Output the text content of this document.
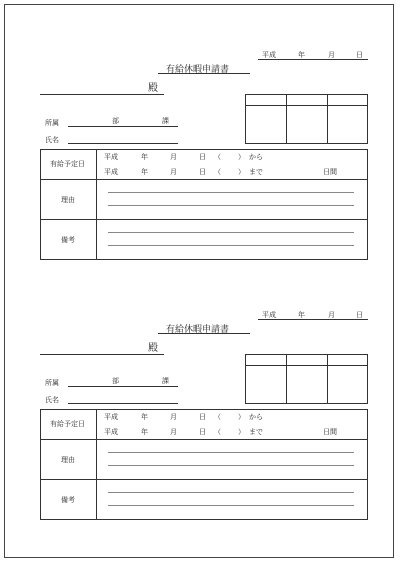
平成	年	月	日
有給休暇申請書
殿
所属	部	課
氏名
有給予定日
平成	年	月	日 （ ） から
平成	年	月	日 （ ） まで	日間
理由
備考
平成	年	月	日
有給休暇申請書
殿
所属	部	課
氏名
有給予定日
平成	年	月	日 （ ） から
平成	年	月	日 （ ） まで	日間
理由
備考
